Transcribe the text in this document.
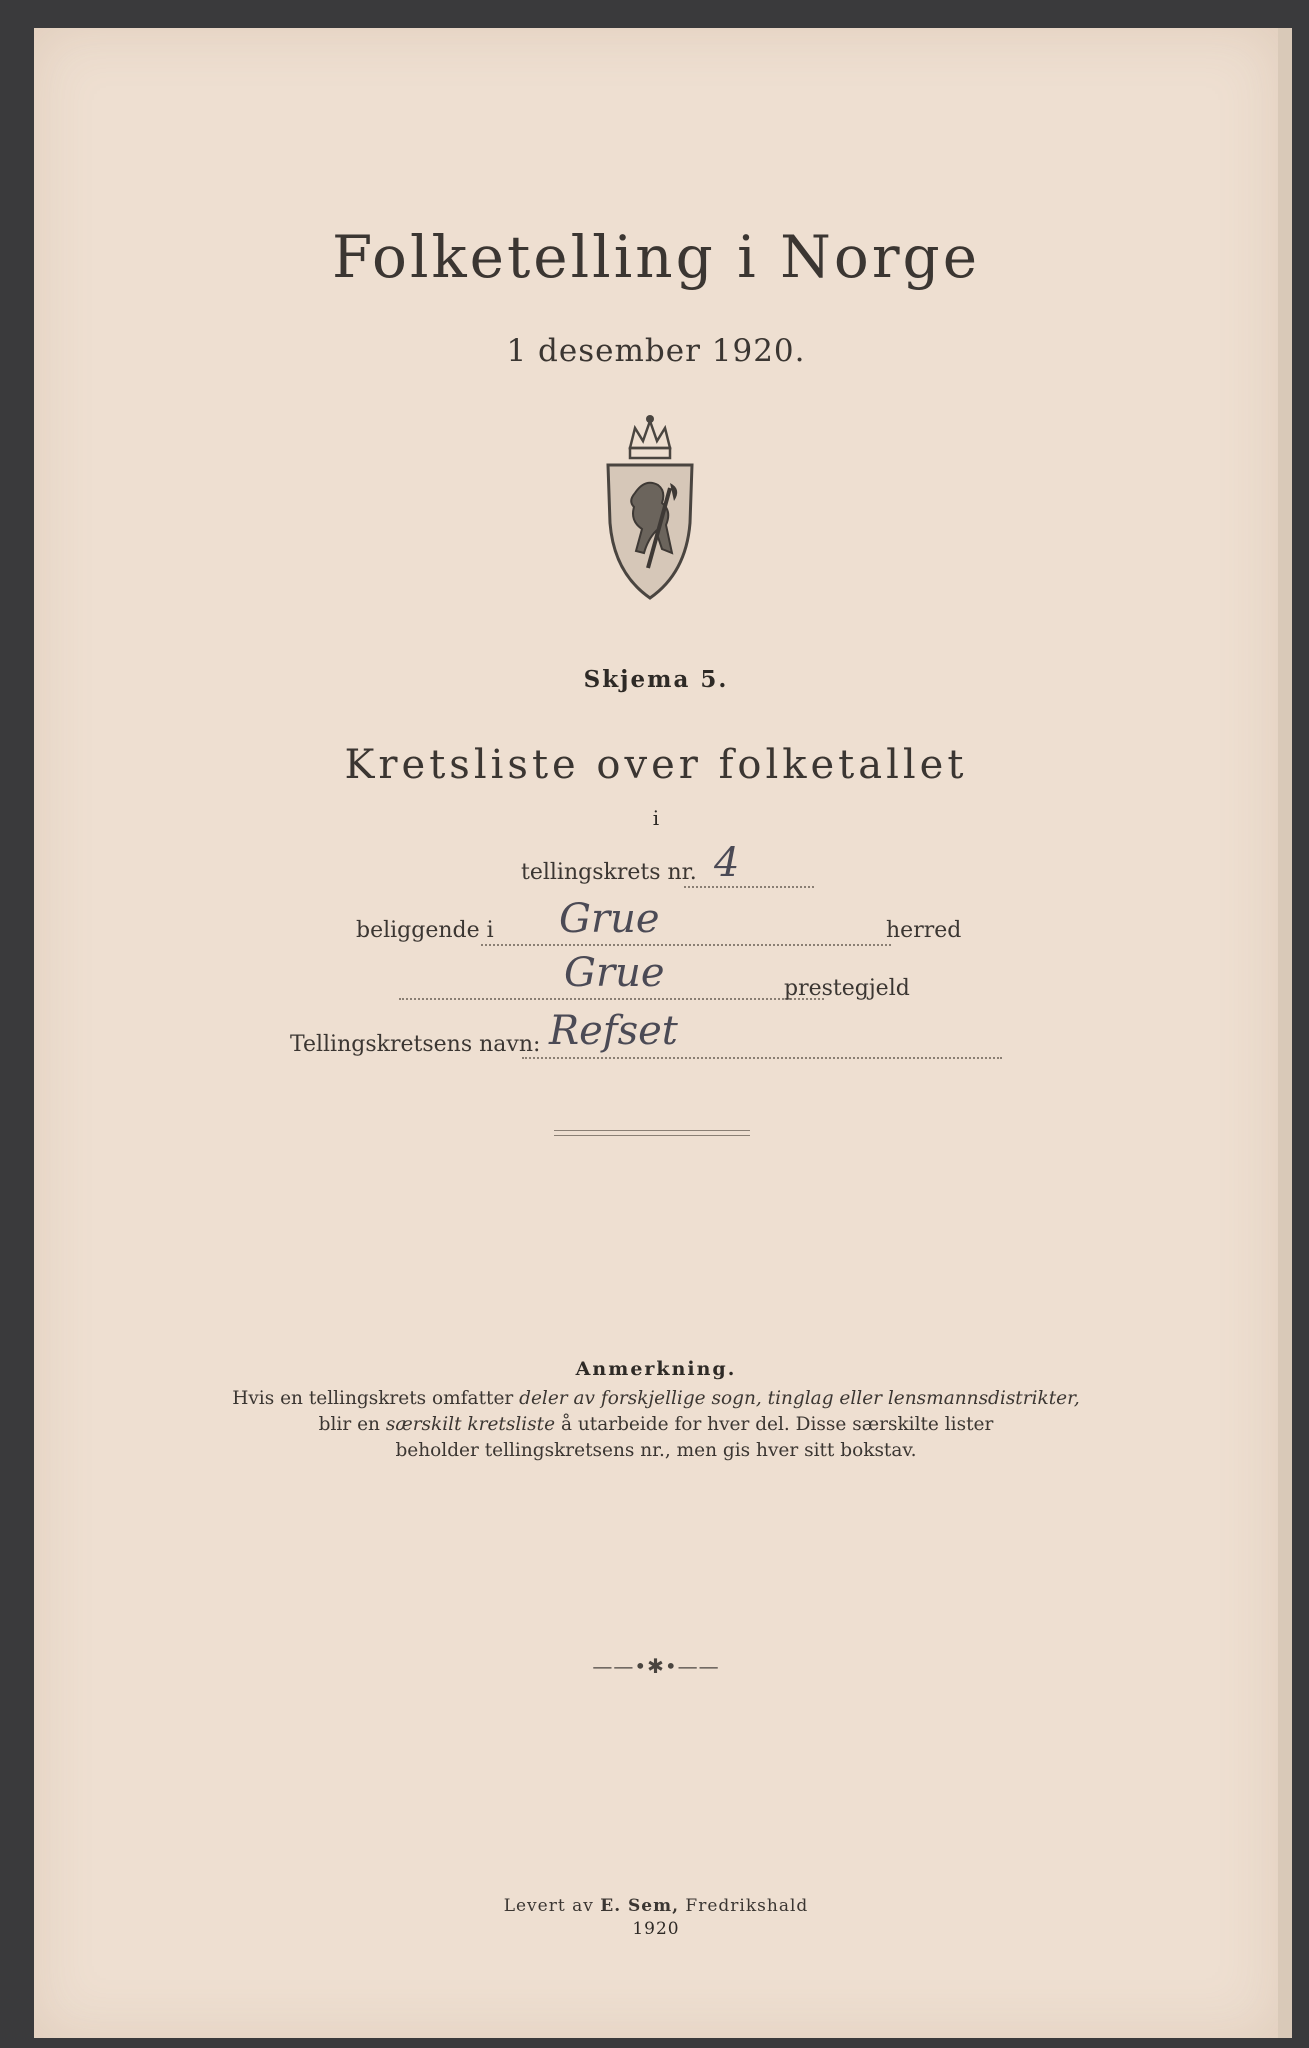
Folketelling i Norge
1 desember 1920.
Skjema 5.
Kretsliste over folketallet
i
tellingskrets nr. 4
beliggende i Grue	herred
Grue	prestegjeld
Tellingskretsens navn: Refset
Anmerkning.
Hvis en tellingskrets omfatter deler av forskjellige sogn, tinglag eller lensmannsdistrikter,
blir en særskilt kretsliste å utarbeide for hver del. Disse særskilte lister
beholder tellingskretsens nr., men gis hver sitt bokstav.
——•✱•——
Levert av E. Sem, Fredrikshald
1920
